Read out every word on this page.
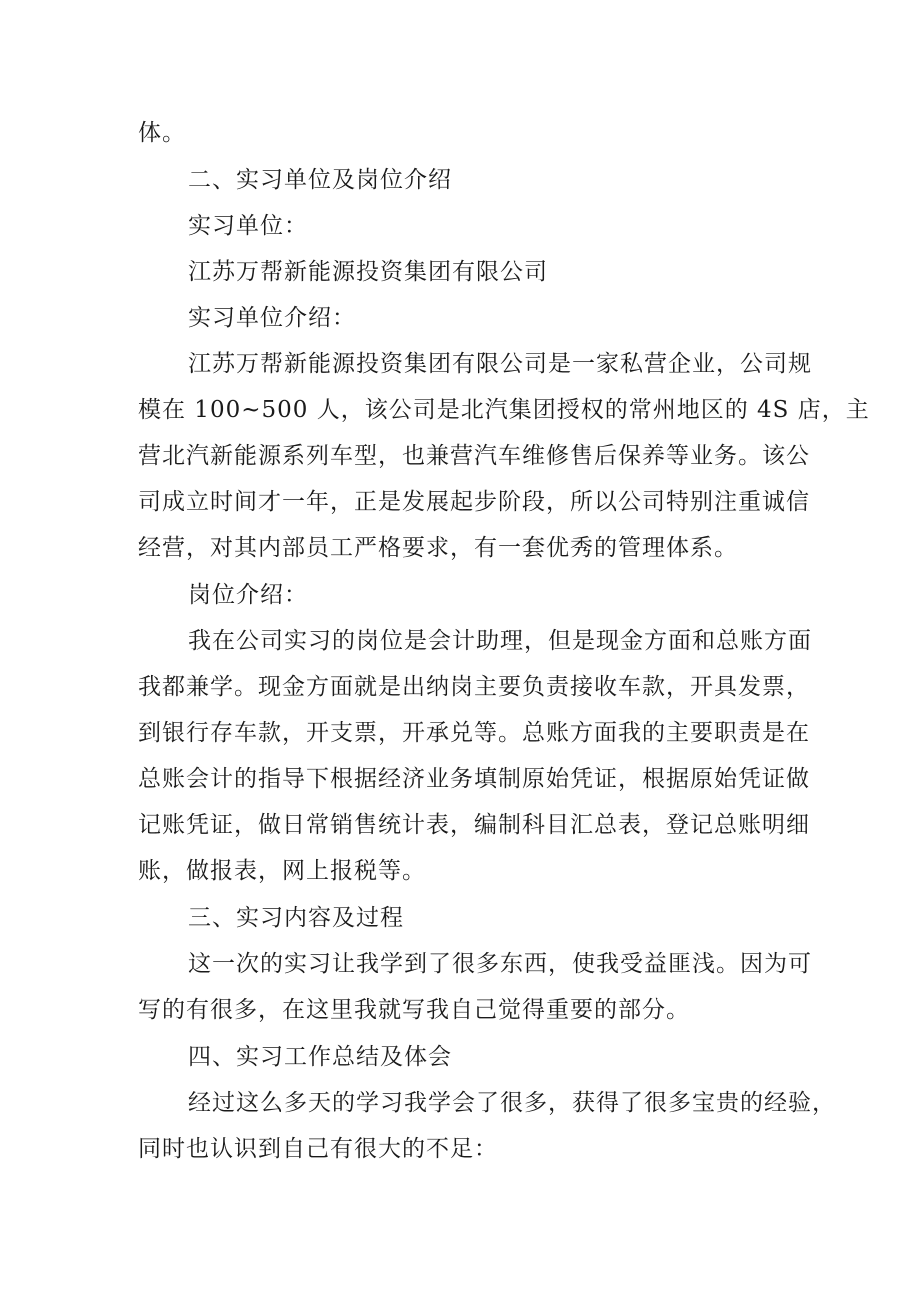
体。
二、实习单位及岗位介绍
实习单位：
江苏万帮新能源投资集团有限公司
实习单位介绍：
江苏万帮新能源投资集团有限公司是一家私营企业，公司规
模在 100~500 人，该公司是北汽集团授权的常州地区的 4S 店，主
营北汽新能源系列车型，也兼营汽车维修售后保养等业务。该公
司成立时间才一年，正是发展起步阶段，所以公司特别注重诚信
经营，对其内部员工严格要求，有一套优秀的管理体系。
岗位介绍：
我在公司实习的岗位是会计助理，但是现金方面和总账方面
我都兼学。现金方面就是出纳岗主要负责接收车款，开具发票，
到银行存车款，开支票，开承兑等。总账方面我的主要职责是在
总账会计的指导下根据经济业务填制原始凭证，根据原始凭证做
记账凭证，做日常销售统计表，编制科目汇总表，登记总账明细
账，做报表，网上报税等。
三、实习内容及过程
这一次的实习让我学到了很多东西，使我受益匪浅。因为可
写的有很多，在这里我就写我自己觉得重要的部分。
四、实习工作总结及体会
经过这么多天的学习我学会了很多，获得了很多宝贵的经验，
同时也认识到自己有很大的不足：
